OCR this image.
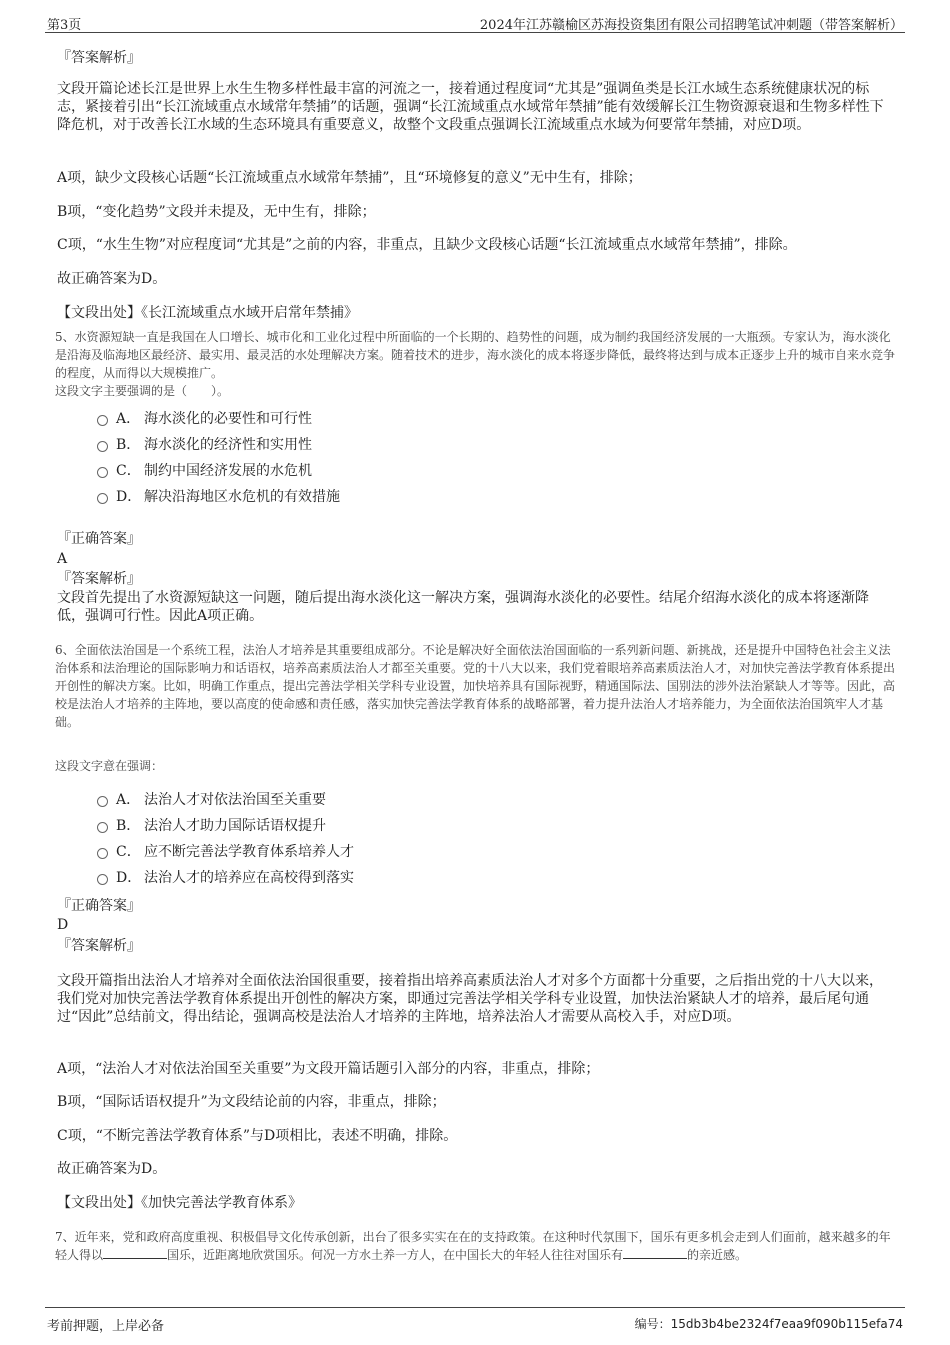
第3页	2024年江苏赣榆区苏海投资集团有限公司招聘笔试冲刺题（带答案解析）
『答案解析』
文段开篇论述长江是世界上水生生物多样性最丰富的河流之一，接着通过程度词“尤其是”强调鱼类是长江水域生态系统健康状况的标志，紧接着引出“长江流域重点水域常年禁捕”的话题，强调“长江流域重点水域常年禁捕”能有效缓解长江生物资源衰退和生物多样性下降危机，对于改善长江水域的生态环境具有重要意义，故整个文段重点强调长江流域重点水域为何要常年禁捕，对应D项。
A项，缺少文段核心话题“长江流域重点水域常年禁捕”，且“环境修复的意义”无中生有，排除；
B项，“变化趋势”文段并未提及，无中生有，排除；
C项，“水生生物”对应程度词“尤其是”之前的内容，非重点，且缺少文段核心话题“长江流域重点水域常年禁捕”，排除。
故正确答案为D。
【文段出处】《长江流域重点水域开启常年禁捕》
5、水资源短缺一直是我国在人口增长、城市化和工业化过程中所面临的一个长期的、趋势性的问题，成为制约我国经济发展的一大瓶颈。专家认为，海水淡化是沿海及临海地区最经济、最实用、最灵活的水处理解决方案。随着技术的进步，海水淡化的成本将逐步降低，最终将达到与成本正逐步上升的城市自来水竞争的程度，从而得以大规模推广。
这段文字主要强调的是（　　）。
A． 海水淡化的必要性和可行性
B． 海水淡化的经济性和实用性
C． 制约中国经济发展的水危机
D． 解决沿海地区水危机的有效措施
『正确答案』
A
『答案解析』
文段首先提出了水资源短缺这一问题，随后提出海水淡化这一解决方案，强调海水淡化的必要性。结尾介绍海水淡化的成本将逐渐降低，强调可行性。因此A项正确。
6、全面依法治国是一个系统工程，法治人才培养是其重要组成部分。不论是解决好全面依法治国面临的一系列新问题、新挑战，还是提升中国特色社会主义法治体系和法治理论的国际影响力和话语权，培养高素质法治人才都至关重要。党的十八大以来，我们党着眼培养高素质法治人才，对加快完善法学教育体系提出开创性的解决方案。比如，明确工作重点，提出完善法学相关学科专业设置，加快培养具有国际视野，精通国际法、国别法的涉外法治紧缺人才等等。因此，高校是法治人才培养的主阵地，要以高度的使命感和责任感，落实加快完善法学教育体系的战略部署，着力提升法治人才培养能力，为全面依法治国筑牢人才基础。
这段文字意在强调：
A． 法治人才对依法治国至关重要
B． 法治人才助力国际话语权提升
C． 应不断完善法学教育体系培养人才
D． 法治人才的培养应在高校得到落实
『正确答案』
D
『答案解析』
文段开篇指出法治人才培养对全面依法治国很重要，接着指出培养高素质法治人才对多个方面都十分重要，之后指出党的十八大以来，我们党对加快完善法学教育体系提出开创性的解决方案，即通过完善法学相关学科专业设置，加快法治紧缺人才的培养，最后尾句通过“因此”总结前文，得出结论，强调高校是法治人才培养的主阵地，培养法治人才需要从高校入手，对应D项。
A项，“法治人才对依法治国至关重要”为文段开篇话题引入部分的内容，非重点，排除；
B项，“国际话语权提升”为文段结论前的内容，非重点，排除；
C项，“不断完善法学教育体系”与D项相比，表述不明确，排除。
故正确答案为D。
【文段出处】《加快完善法学教育体系》
7、近年来，党和政府高度重视、积极倡导文化传承创新，出台了很多实实在在的支持政策。在这种时代氛围下，国乐有更多机会走到人们面前，越来越多的年轻人得以	国乐，近距离地欣赏国乐。何况一方水土养一方人，在中国长大的年轻人往往对国乐有	的亲近感。
考前押题，上岸必备	编号：15db3b4be2324f7eaa9f090b115efa74
